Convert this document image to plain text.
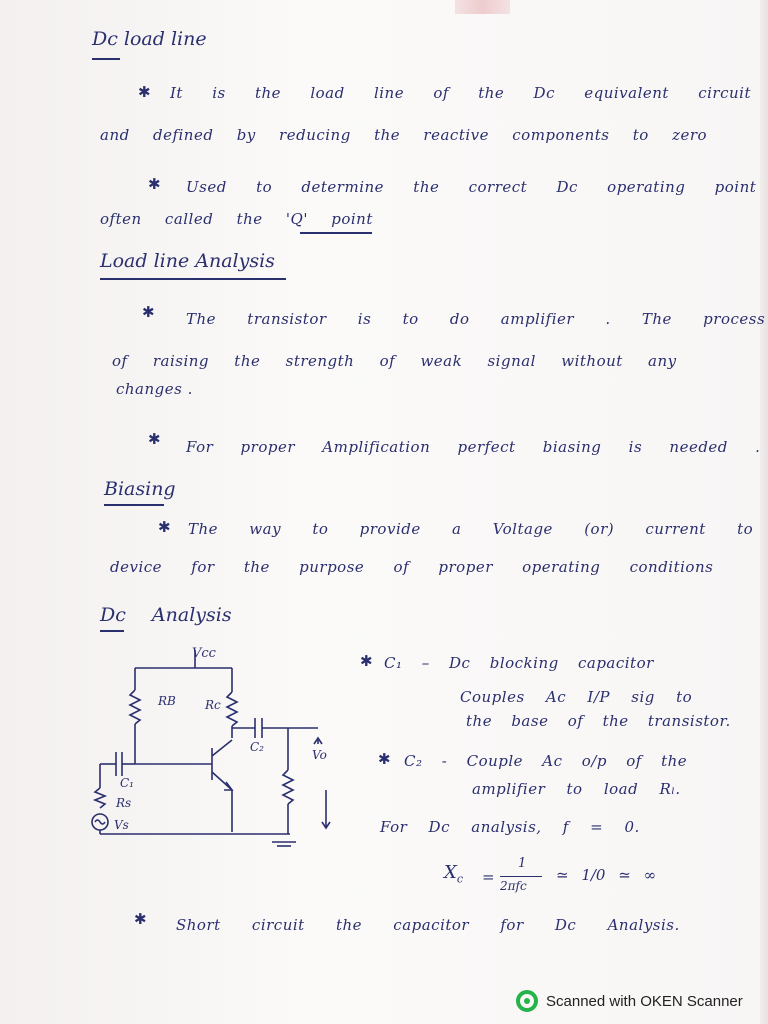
Dc load line
✱ It is the load line of the Dc equivalent circuit
and defined by reducing the reactive components to zero
✱ Used to determine the correct Dc operating point
often called the 'Q' point
Load line Analysis
✱ The transistor is to do amplifier . The process
of raising the strength of weak signal without any
changes .
✱ For proper Amplification perfect biasing is needed .
Biasing
✱ The way to provide a Voltage (or) current to
device for the purpose of proper operating conditions
Dc Analysis
Vcc
RB Rc
C₂
Vo
C₁
Rs
Vs
✱ C₁ – Dc blocking capacitor
Couples Ac I/P sig to
the base of the transistor.
✱ C₂ - Couple Ac o/p of the
amplifier to load Rₗ.
For Dc analysis, f = 0.
$X_c$ =
1
2πfc
≃ 1/0 ≃ ∞
✱ Short circuit the capacitor for Dc Analysis.
Scanned with OKEN Scanner
